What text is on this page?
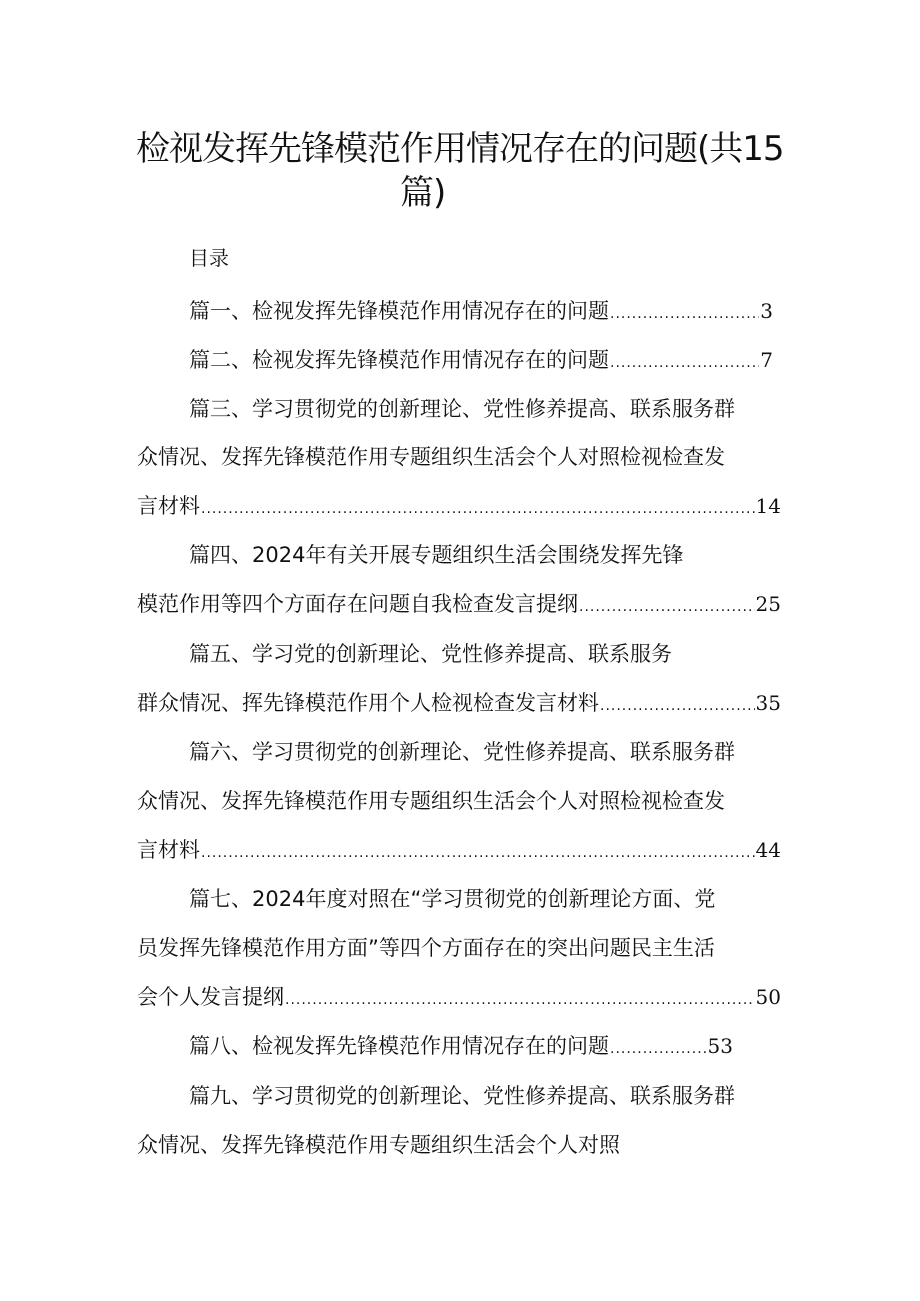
检视发挥先锋模范作用情况存在的问题(共15
篇)
目录
篇一、检视发挥先锋模范作用情况存在的问题 .....	3
篇二、检视发挥先锋模范作用情况存在的问题 .....	7
篇三、学习贯彻党的创新理论、党性修养提高、联系服务群
众情况、发挥先锋模范作用专题组织生活会个人对照检视检查发
言材料 .....	14
篇四、2024年有关开展专题组织生活会围绕发挥先锋
模范作用等四个方面存在问题自我检查发言提纲 .....	25
篇五、学习党的创新理论、党性修养提高、联系服务
群众情况、挥先锋模范作用个人检视检查发言材料 .....	35
篇六、学习贯彻党的创新理论、党性修养提高、联系服务群
众情况、发挥先锋模范作用专题组织生活会个人对照检视检查发
言材料 .....	44
篇七、2024年度对照在“学习贯彻党的创新理论方面、党
员发挥先锋模范作用方面”等四个方面存在的突出问题民主生活
会个人发言提纲 .....	50
篇八、检视发挥先锋模范作用情况存在的问题 .....	53
篇九、学习贯彻党的创新理论、党性修养提高、联系服务群
众情况、发挥先锋模范作用专题组织生活会个人对照
